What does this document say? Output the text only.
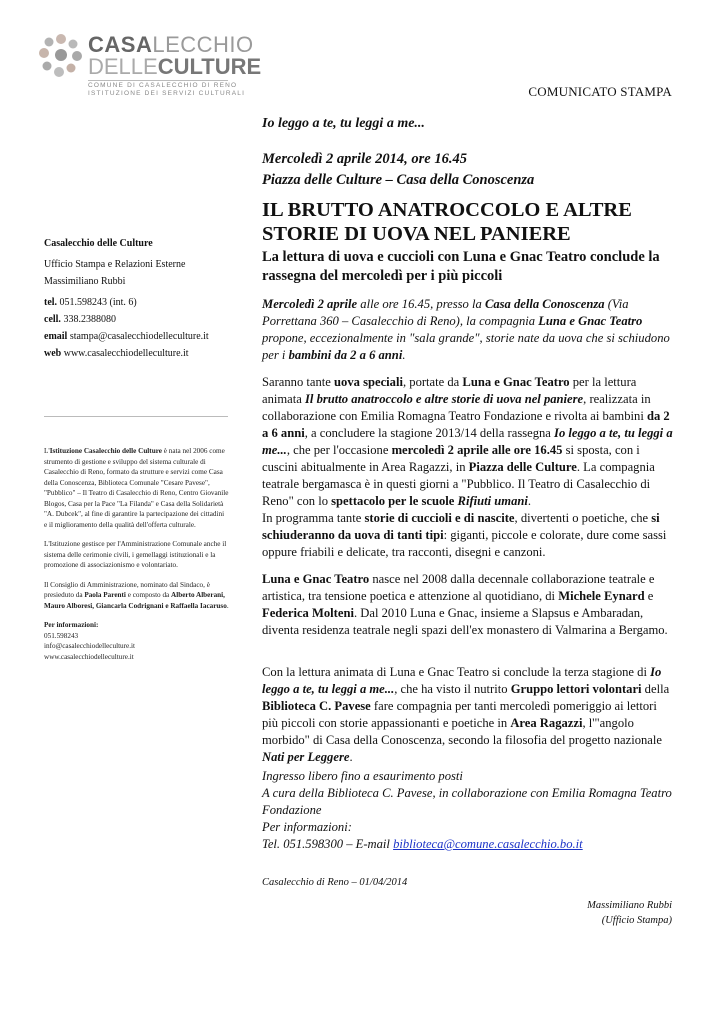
CASALECCHIO
DELLECULTURE
COMUNE DI CASALECCHIO DI RENO
ISTITUZIONE DEI SERVIZI CULTURALI	COMUNICATO STAMPA
Casalecchio delle Culture
Ufficio Stampa e Relazioni Esterne
Massimiliano Rubbi
tel. 051.598243 (int. 6)
cell. 338.2388080
email stampa@casalecchiodelleculture.it
web www.casalecchiodelleculture.it
L'Istituzione Casalecchio delle Culture è nata nel 2006 come strumento di gestione e sviluppo del sistema culturale di Casalecchio di Reno, formato da strutture e servizi come Casa della Conoscenza, Biblioteca Comunale "Cesare Pavese", "Pubblico" – Il Teatro di Casalecchio di Reno, Centro Giovanile Blogos, Casa per la Pace "La Filanda" e Casa della Solidarietà "A. Dubcek", al fine di garantire la partecipazione dei cittadini e il miglioramento della qualità dell'offerta culturale.
L'Istituzione gestisce per l'Amministrazione Comunale anche il sistema delle cerimonie civili, i gemellaggi istituzionali e la promozione di associazionismo e volontariato.
Il Consiglio di Amministrazione, nominato dal Sindaco, è presieduto da Paola Parenti e composto da Alberto Alberani, Mauro Alboresi, Giancarla Codrignani e Raffaella Iacaruso.
Per informazioni:
051.598243
info@casalecchiodelleculture.it
www.casalecchiodelleculture.it
Io leggo a te, tu leggi a me...
Mercoledì 2 aprile 2014, ore 16.45
Piazza delle Culture – Casa della Conoscenza
IL BRUTTO ANATROCCOLO E ALTRE STORIE DI UOVA NEL PANIERE
La lettura di uova e cuccioli con Luna e Gnac Teatro conclude la rassegna del mercoledì per i più piccoli
Mercoledì 2 aprile alle ore 16.45, presso la Casa della Conoscenza (Via Porrettana 360 – Casalecchio di Reno), la compagnia Luna e Gnac Teatro propone, eccezionalmente in "sala grande", storie nate da uova che si schiudono per i bambini da 2 a 6 anni.
Saranno tante uova speciali, portate da Luna e Gnac Teatro per la lettura animata Il brutto anatroccolo e altre storie di uova nel paniere, realizzata in collaborazione con Emilia Romagna Teatro Fondazione e rivolta ai bambini da 2 a 6 anni, a concludere la stagione 2013/14 della rassegna Io leggo a te, tu leggi a me..., che per l'occasione mercoledì 2 aprile alle ore 16.45 si sposta, con i cuscini abitualmente in Area Ragazzi, in Piazza delle Culture. La compagnia teatrale bergamasca è in questi giorni a "Pubblico. Il Teatro di Casalecchio di Reno" con lo spettacolo per le scuole Rifiuti umani.
In programma tante storie di cuccioli e di nascite, divertenti o poetiche, che si schiuderanno da uova di tanti tipi: giganti, piccole e colorate, dure come sassi oppure friabili e delicate, tra racconti, disegni e canzoni.
Luna e Gnac Teatro nasce nel 2008 dalla decennale collaborazione teatrale e artistica, tra tensione poetica e attenzione al quotidiano, di Michele Eynard e Federica Molteni. Dal 2010 Luna e Gnac, insieme a Slapsus e Ambaradan, diventa residenza teatrale negli spazi dell'ex monastero di Valmarina a Bergamo.
Con la lettura animata di Luna e Gnac Teatro si conclude la terza stagione di Io leggo a te, tu leggi a me..., che ha visto il nutrito Gruppo lettori volontari della Biblioteca C. Pavese fare compagnia per tanti mercoledì pomeriggio ai lettori più piccoli con storie appassionanti e poetiche in Area Ragazzi, l'"angolo morbido" di Casa della Conoscenza, secondo la filosofia del progetto nazionale Nati per Leggere.
Ingresso libero fino a esaurimento posti
A cura della Biblioteca C. Pavese, in collaborazione con Emilia Romagna Teatro Fondazione
Per informazioni:
Tel. 051.598300 – E-mail biblioteca@comune.casalecchio.bo.it
Casalecchio di Reno – 01/04/2014
Massimiliano Rubbi
(Ufficio Stampa)
